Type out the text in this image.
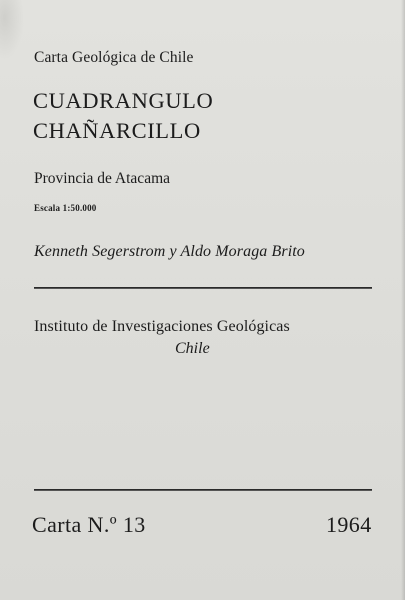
Carta Geológica de Chile

CUADRANGULO
CHAÑARCILLO

Provincia de Atacama

Escala 1:50.000

Kenneth Segerstrom y Aldo Moraga Brito

Instituto de Investigaciones Geológicas

Chile

Carta N.º 13	1964
